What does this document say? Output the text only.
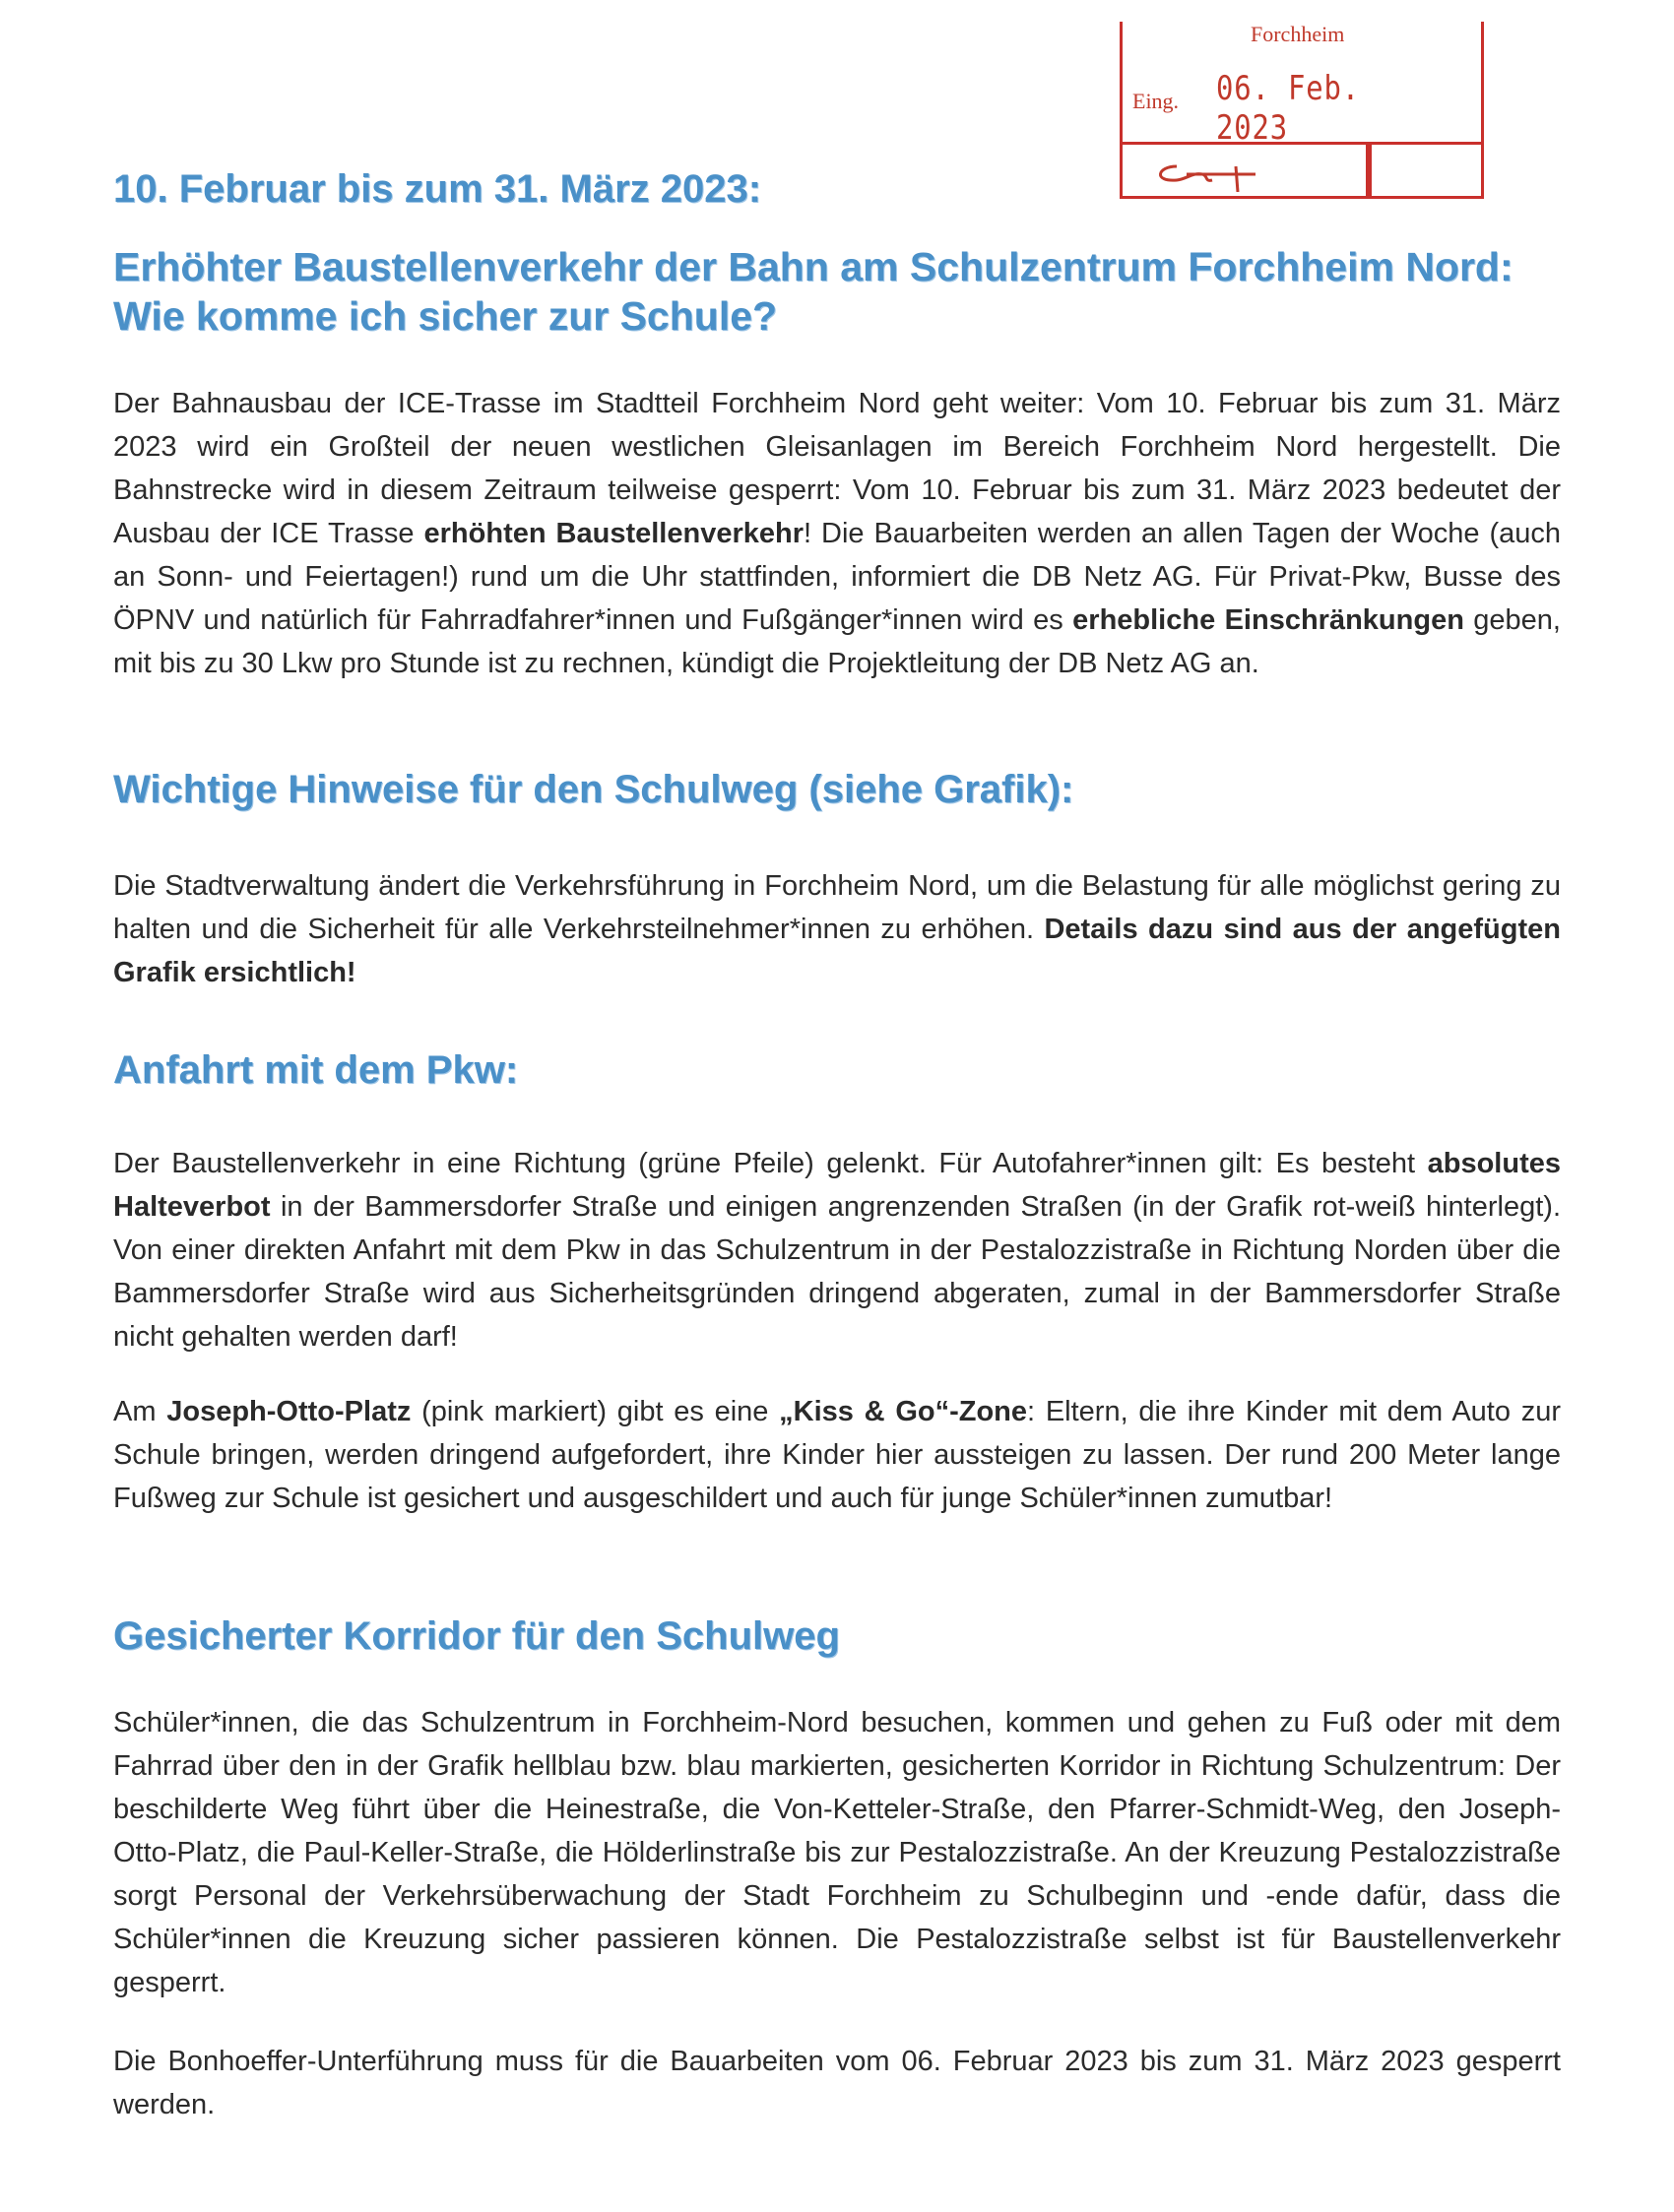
Forchheim
Eing. 06. Feb. 2023
10. Februar bis zum 31. März 2023:
Erhöhter Baustellenverkehr der Bahn am Schulzentrum Forchheim Nord: Wie komme ich sicher zur Schule?

Der Bahnausbau der ICE-Trasse im Stadtteil Forchheim Nord geht weiter: Vom 10. Februar bis zum 31. März 2023 wird ein Großteil der neuen westlichen Gleisanlagen im Bereich Forchheim Nord hergestellt. Die Bahnstrecke wird in diesem Zeitraum teilweise gesperrt: Vom 10. Februar bis zum 31. März 2023 bedeutet der Ausbau der ICE Trasse erhöhten Baustellenverkehr! Die Bauarbeiten werden an allen Tagen der Woche (auch an Sonn- und Feiertagen!) rund um die Uhr stattfinden, informiert die DB Netz AG. Für Privat-Pkw, Busse des ÖPNV und natürlich für Fahrradfahrer*innen und Fußgänger*innen wird es erhebliche Einschränkungen geben, mit bis zu 30 Lkw pro Stunde ist zu rechnen, kündigt die Projektleitung der DB Netz AG an.

Wichtige Hinweise für den Schulweg (siehe Grafik):

Die Stadtverwaltung ändert die Verkehrsführung in Forchheim Nord, um die Belastung für alle möglichst gering zu halten und die Sicherheit für alle Verkehrsteilnehmer*innen zu erhöhen. Details dazu sind aus der angefügten Grafik ersichtlich!

Anfahrt mit dem Pkw:

Der Baustellenverkehr in eine Richtung (grüne Pfeile) gelenkt. Für Autofahrer*innen gilt: Es besteht absolutes Halteverbot in der Bammersdorfer Straße und einigen angrenzenden Straßen (in der Grafik rot-weiß hinterlegt). Von einer direkten Anfahrt mit dem Pkw in das Schulzentrum in der Pestalozzistraße in Richtung Norden über die Bammersdorfer Straße wird aus Sicherheitsgründen dringend abgeraten, zumal in der Bammersdorfer Straße nicht gehalten werden darf!

Am Joseph-Otto-Platz (pink markiert) gibt es eine „Kiss & Go“-Zone: Eltern, die ihre Kinder mit dem Auto zur Schule bringen, werden dringend aufgefordert, ihre Kinder hier aussteigen zu lassen. Der rund 200 Meter lange Fußweg zur Schule ist gesichert und ausgeschildert und auch für junge Schüler*innen zumutbar!

Gesicherter Korridor für den Schulweg

Schüler*innen, die das Schulzentrum in Forchheim-Nord besuchen, kommen und gehen zu Fuß oder mit dem Fahrrad über den in der Grafik hellblau bzw. blau markierten, gesicherten Korridor in Richtung Schulzentrum: Der beschilderte Weg führt über die Heinestraße, die Von-Ketteler-Straße, den Pfarrer-Schmidt-Weg, den Joseph-Otto-Platz, die Paul-Keller-Straße, die Hölderlinstraße bis zur Pestalozzistraße. An der Kreuzung Pestalozzistraße sorgt Personal der Verkehrsüberwachung der Stadt Forchheim zu Schulbeginn und -ende dafür, dass die Schüler*innen die Kreuzung sicher passieren können. Die Pestalozzistraße selbst ist für Baustellenverkehr gesperrt.

Die Bonhoeffer-Unterführung muss für die Bauarbeiten vom 06. Februar 2023 bis zum 31. März 2023 gesperrt werden.
